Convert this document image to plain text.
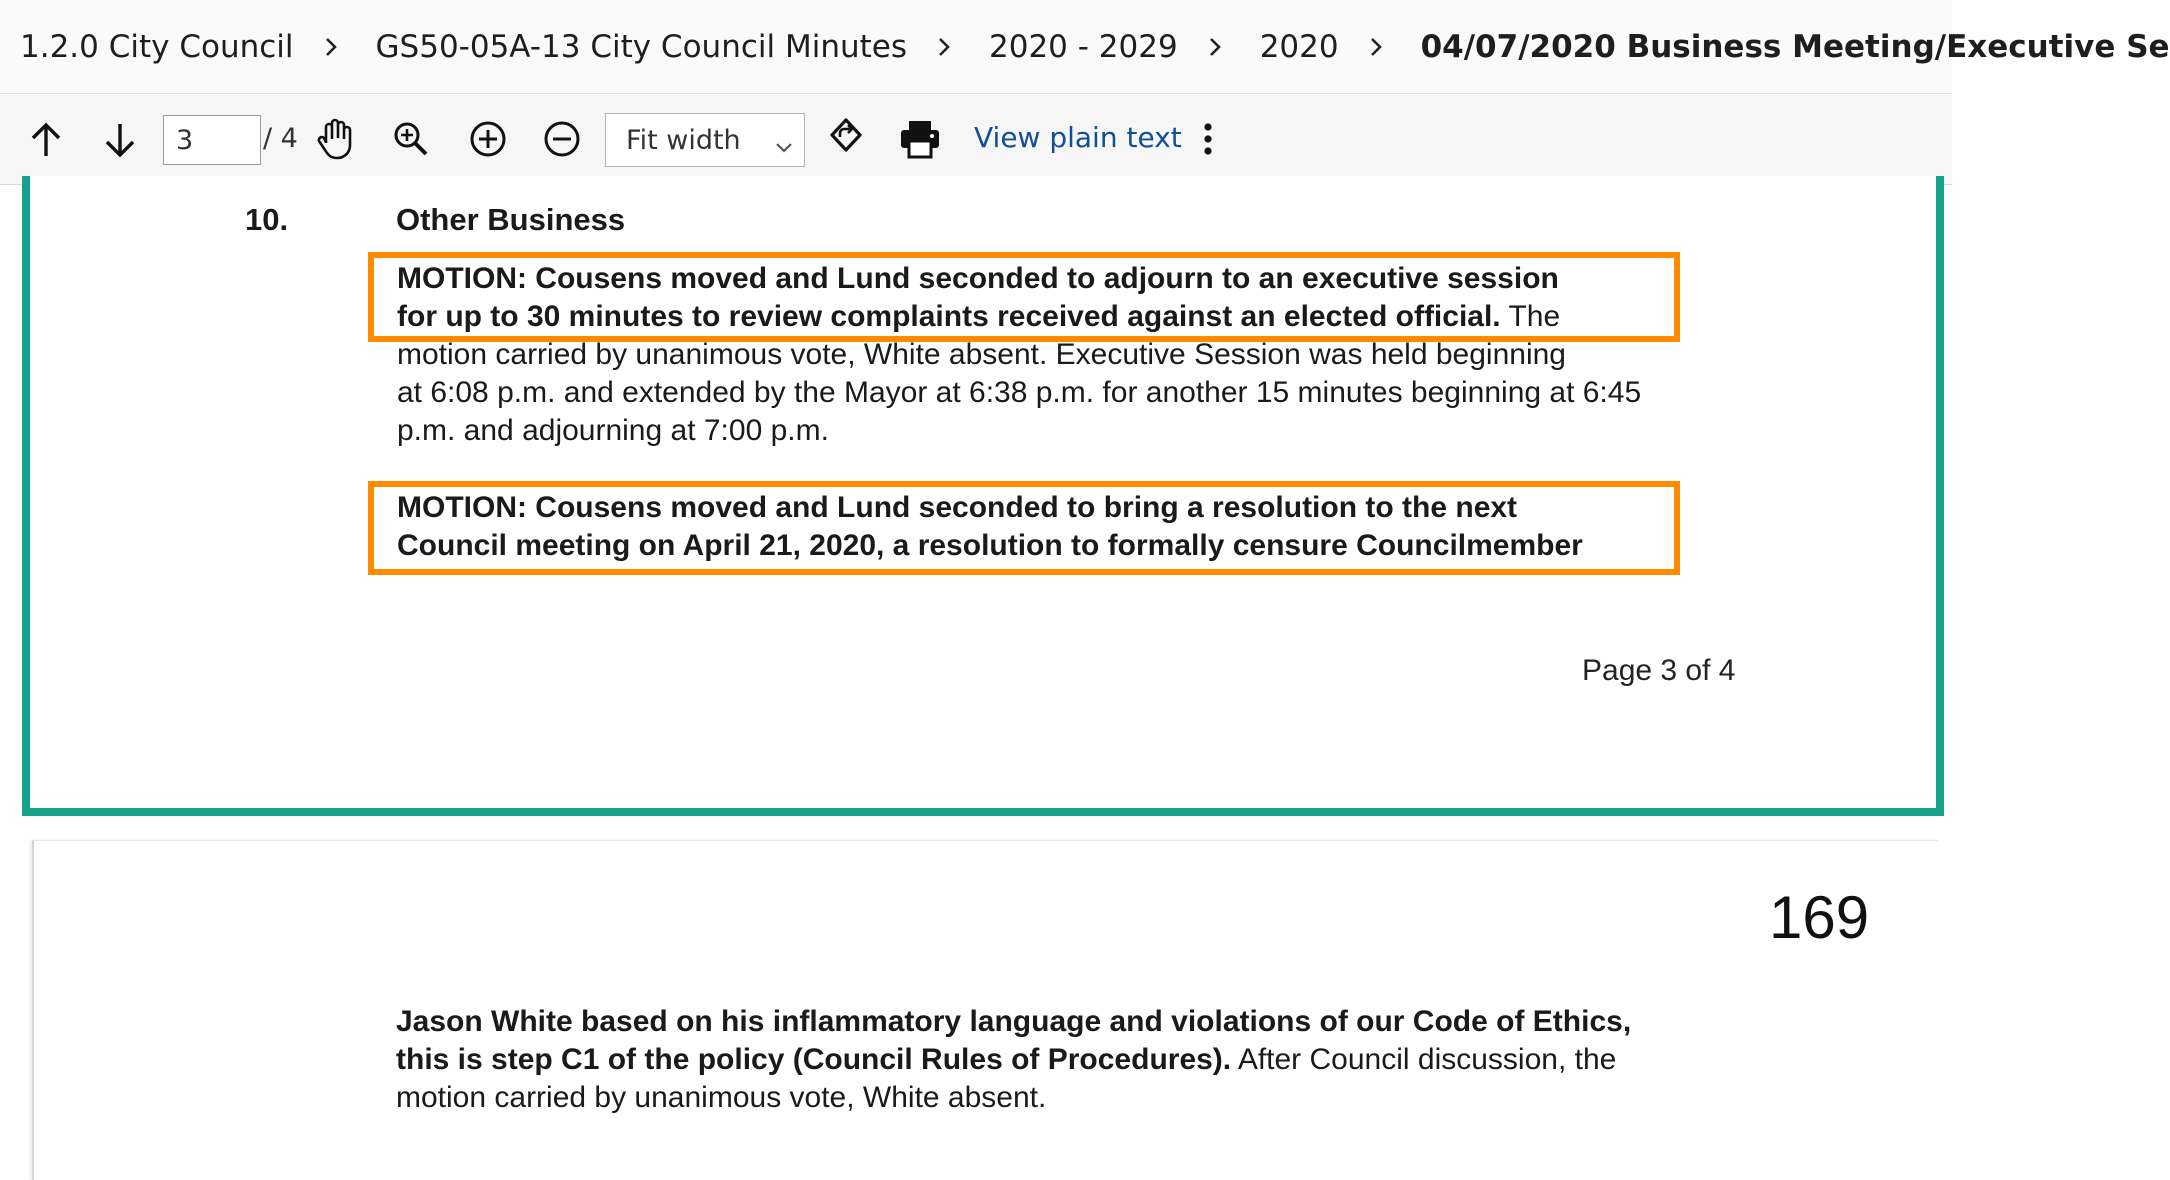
1.2.0 City Council	GS50-05A-13 City Council Minutes	2020 - 2029	2020	04/07/2020 Business Meeting/Executive Se
3
/ 4	Fit width	View plain text
10.	Other Business
MOTION: Cousens moved and Lund seconded to adjourn to an executive session
for up to 30 minutes to review complaints received against an elected official. The
motion carried by unanimous vote, White absent. Executive Session was held beginning
at 6:08 p.m. and extended by the Mayor at 6:38 p.m. for another 15 minutes beginning at 6:45
p.m. and adjourning at 7:00 p.m.
MOTION: Cousens moved and Lund seconded to bring a resolution to the next
Council meeting on April 21, 2020, a resolution to formally censure Councilmember
Page 3 of 4
169
Jason White based on his inflammatory language and violations of our Code of Ethics,
this is step C1 of the policy (Council Rules of Procedures). After Council discussion, the
motion carried by unanimous vote, White absent.
